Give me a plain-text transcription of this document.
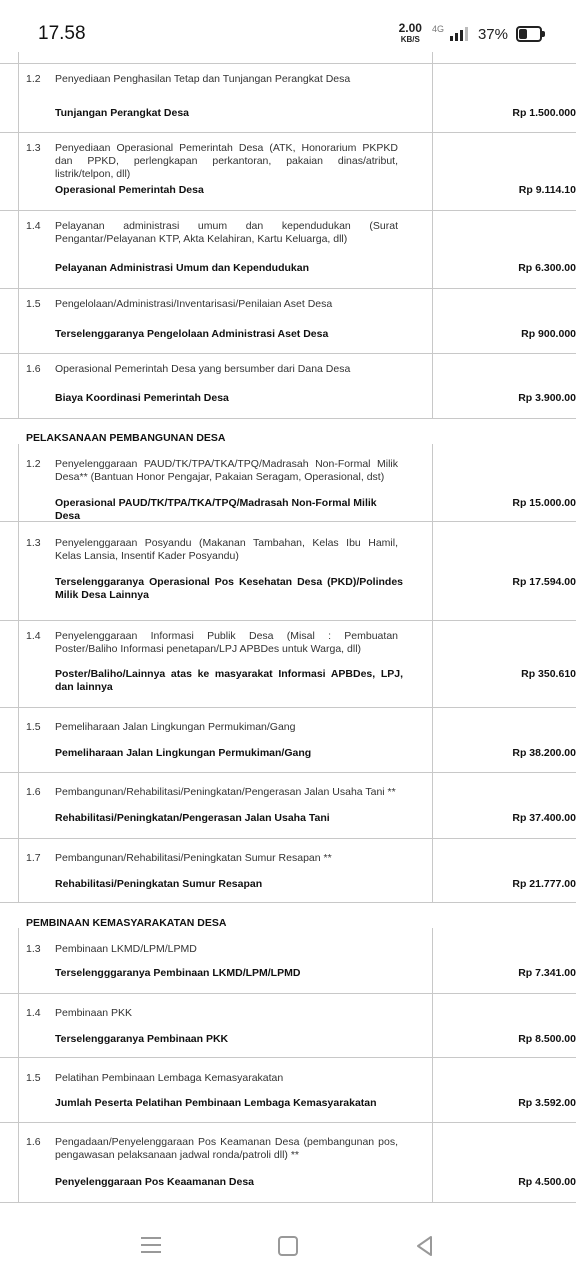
17.58	2.00
KB/S
4G 37%
1.2 Penyediaan Penghasilan Tetap dan Tunjangan Perangkat Desa
Tunjangan Perangkat Desa	Rp 1.500.000
1.3 Penyediaan Operasional Pemerintah Desa (ATK, Honorarium PKPKD dan PPKD, perlengkapan perkantoran, pakaian dinas/atribut, listrik/telpon, dll)
Operasional Pemerintah Desa	Rp 9.114.10
1.4 Pelayanan administrasi umum dan kependudukan (Surat Pengantar/Pelayanan KTP, Akta Kelahiran, Kartu Keluarga, dll)
Pelayanan Administrasi Umum dan Kependudukan	Rp 6.300.00
1.5 Pengelolaan/Administrasi/Inventarisasi/Penilaian Aset Desa
Terselenggaranya Pengelolaan Administrasi Aset Desa	Rp 900.000
1.6 Operasional Pemerintah Desa yang bersumber dari Dana Desa
Biaya Koordinasi Pemerintah Desa	Rp 3.900.00
PELAKSANAAN PEMBANGUNAN DESA
1.2 Penyelenggaraan PAUD/TK/TPA/TKA/TPQ/Madrasah Non-Formal Milik Desa** (Bantuan Honor Pengajar, Pakaian Seragam, Operasional, dst)
Operasional PAUD/TK/TPA/TKA/TPQ/Madrasah Non-Formal Milik Desa
Rp 15.000.00
1.3 Penyelenggaraan Posyandu (Makanan Tambahan, Kelas Ibu Hamil, Kelas Lansia, Insentif Kader Posyandu)
Terselenggaranya Operasional Pos Kesehatan Desa (PKD)/Polindes Milik Desa Lainnya
Rp 17.594.00
1.4 Penyelenggaraan Informasi Publik Desa (Misal : Pembuatan Poster/Baliho Informasi penetapan/LPJ APBDes untuk Warga, dll)
Poster/Baliho/Lainnya atas ke masyarakat Informasi APBDes, LPJ, dan lainnya
Rp 350.610
1.5 Pemeliharaan Jalan Lingkungan Permukiman/Gang
Pemeliharaan Jalan Lingkungan Permukiman/Gang	Rp 38.200.00
1.6 Pembangunan/Rehabilitasi/Peningkatan/Pengerasan Jalan Usaha Tani **
Rehabilitasi/Peningkatan/Pengerasan Jalan Usaha Tani	Rp 37.400.00
1.7 Pembangunan/Rehabilitasi/Peningkatan Sumur Resapan **
Rehabilitasi/Peningkatan Sumur Resapan	Rp 21.777.00
PEMBINAAN KEMASYARAKATAN DESA
1.3 Pembinaan LKMD/LPM/LPMD
Terselengggaranya Pembinaan LKMD/LPM/LPMD	Rp 7.341.00
1.4 Pembinaan PKK
Terselenggaranya Pembinaan PKK	Rp 8.500.00
1.5 Pelatihan Pembinaan Lembaga Kemasyarakatan
Jumlah Peserta Pelatihan Pembinaan Lembaga Kemasyarakatan	Rp 3.592.00
1.6 Pengadaan/Penyelenggaraan Pos Keamanan Desa (pembangunan pos, pengawasan pelaksanaan jadwal ronda/patroli dll) **
Penyelenggaraan Pos Keaamanan Desa	Rp 4.500.00
